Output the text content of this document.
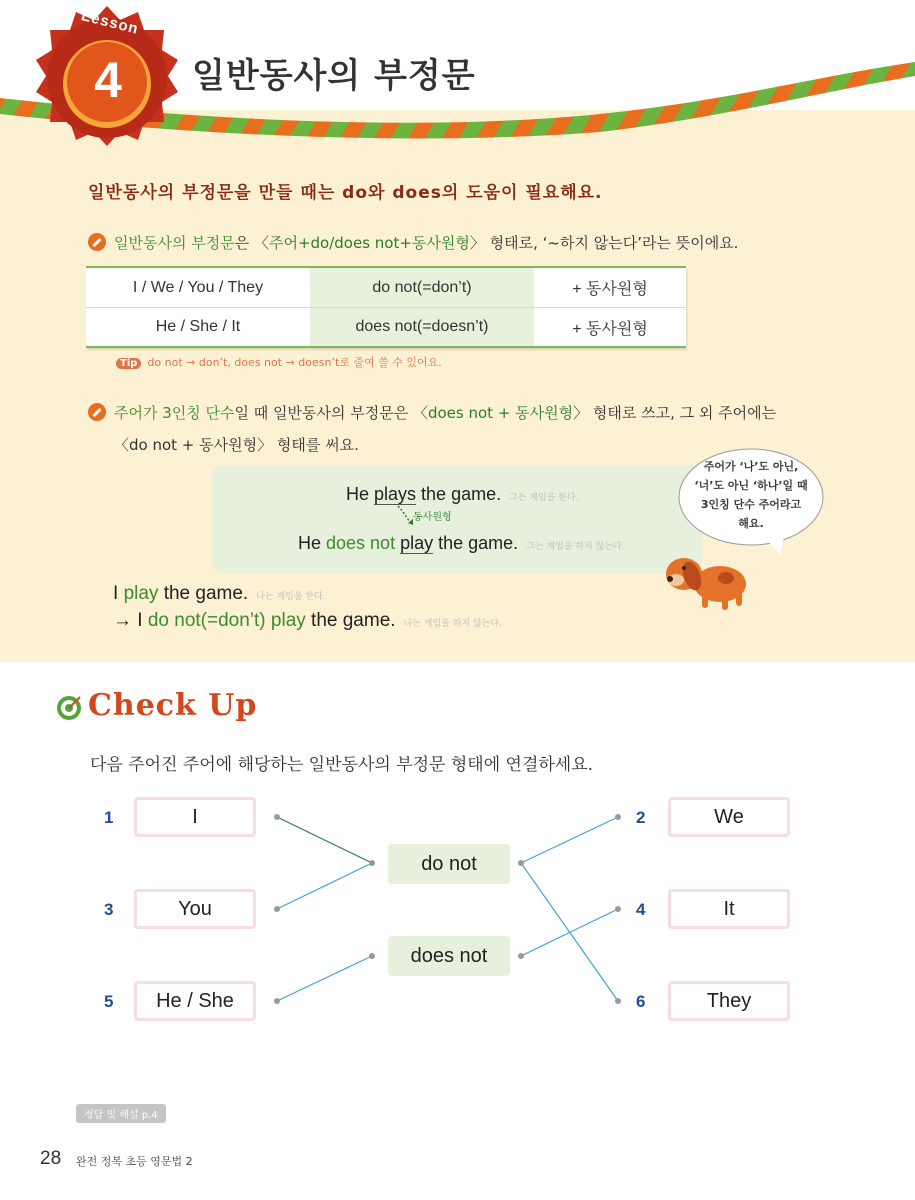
Lesson
4	일반동사의 부정문
일반동사의 부정문을 만들 때는 do와 does의 도움이 필요해요.
일반동사의 부정문은 〈주어+do/does not+동사원형〉 형태로, ‘~하지 않는다’라는 뜻이에요.
I / We / You / They	do not(=don’t)	+ 동사원형
He / She / It	does not(=doesn’t)	+ 동사원형
Tip do not → don’t, does not → doesn’t로 줄여 쓸 수 있어요.
주어가 3인칭 단수일 때 일반동사의 부정문은 〈does not + 동사원형〉 형태로 쓰고, 그 외 주어에는
〈do not + 동사원형〉 형태를 써요.
He plays the game. 그는 게임을 한다.
동사원형
He does not play the game. 그는 게임을 하지 않는다.
I play the game. 나는 게임을 한다.
→ I do not(=don’t) play the game. 나는 게임을 하지 않는다.
주어가 ‘나’도 아닌,
‘너’도 아닌 ‘하나’일 때
3인칭 단수 주어라고
해요.
Check Up
다음 주어진 주어에 해당하는 일반동사의 부정문 형태에 연결하세요.
1	I
3	You
5	He / She
do not
does not
2	We
4	It
6	They
정답 및 해설 p.4
28 완전 정복 초등 영문법 2
